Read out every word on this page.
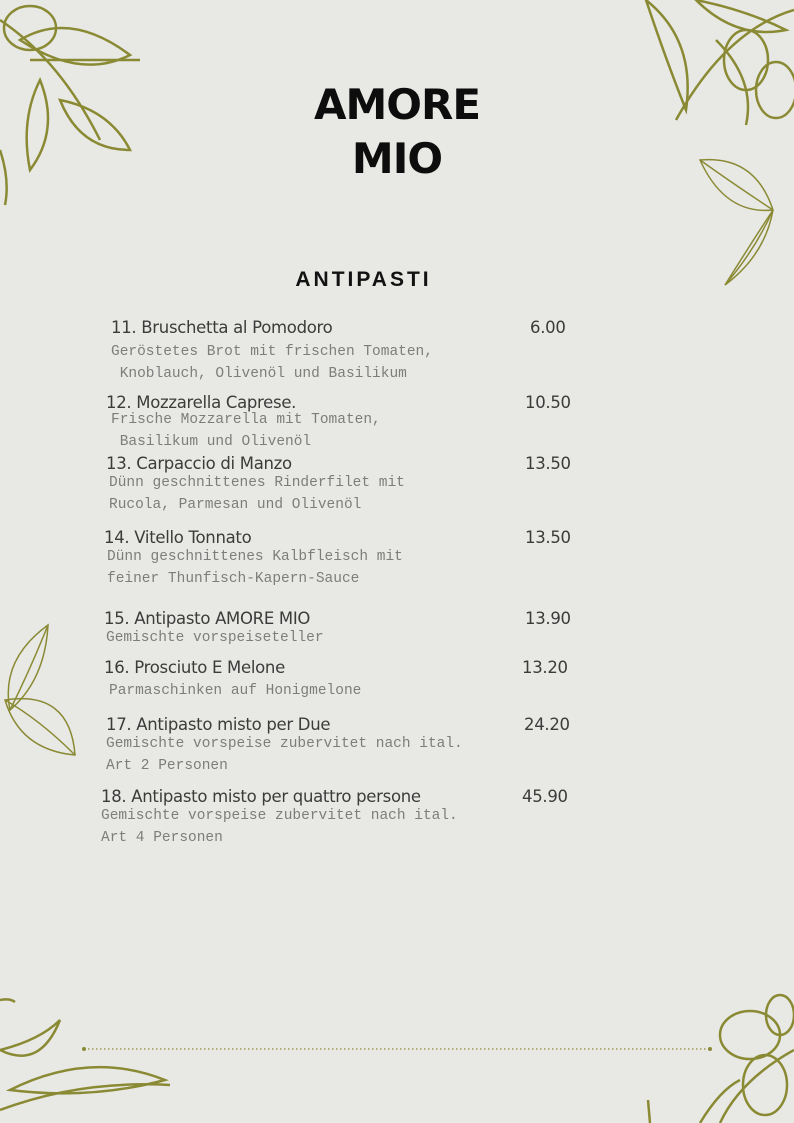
AMORE
MIO
ANTIPASTI
11. Bruschetta al Pomodoro
Geröstetes Brot mit frischen Tomaten,
Knoblauch, Olivenöl und Basilikum
6.00
12. Mozzarella Caprese.
Frische Mozzarella mit Tomaten,
Basilikum und Olivenöl
10.50
13. Carpaccio di Manzo
Dünn geschnittenes Rinderfilet mit
Rucola, Parmesan und Olivenöl
13.50
14. Vitello Tonnato
Dünn geschnittenes Kalbfleisch mit
feiner Thunfisch-Kapern-Sauce
13.50
15. Antipasto AMORE MIO
Gemischte vorspeiseteller
13.90
16. Prosciuto E Melone
Parmaschinken auf Honigmelone
13.20
17. Antipasto misto per Due
Gemischte vorspeise zubervitet nach ital.
Art 2 Personen
24.20
18. Antipasto misto per quattro persone
Gemischte vorspeise zubervitet nach ital.
Art 4 Personen
45.90
